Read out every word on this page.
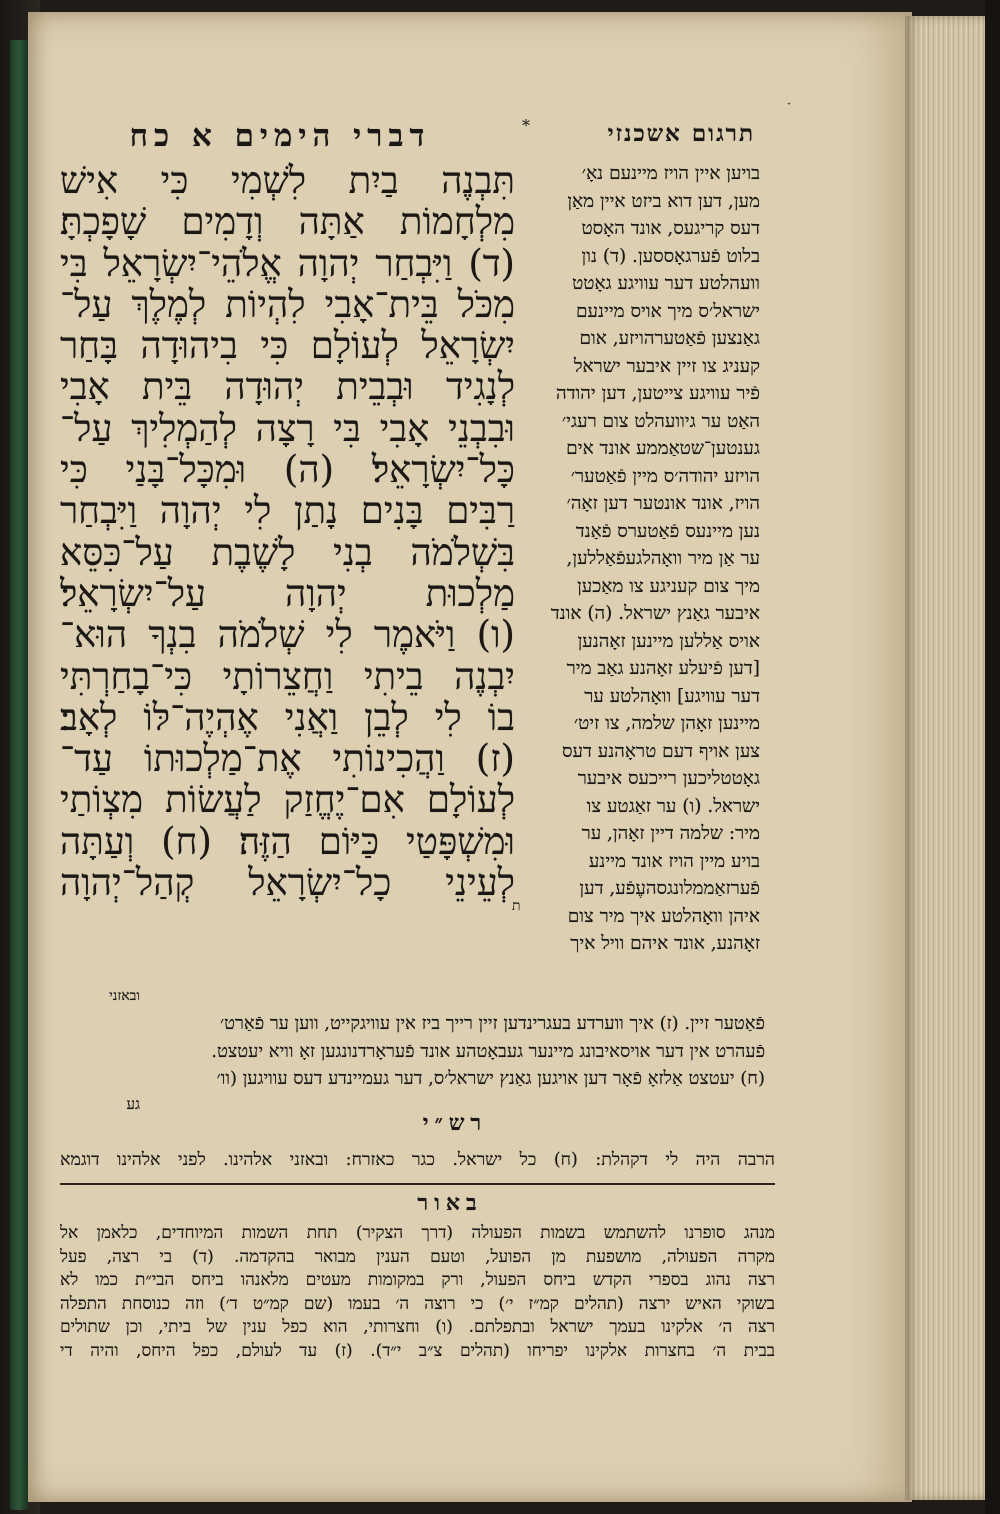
ᐩ
דברי הימים א כח	תרגום אשכנזי
*
תִּבְנֶה בַיִת לִשְׁמִי כִּי אִישׁ
מִלְחָמוֹת אַתָּה וְדָמִים שָׁפָכְתָּ׃
(ד) וַיִּבְחַר יְהוָה אֱלֹהֵי־יִשְׂרָאֵל בִּי
מִכֹּל בֵּית־אָבִי לִהְיוֹת לְמֶלֶךְ עַל־
יִשְׂרָאֵל לְעוֹלָם כִּי בִיהוּדָה בָּחַר
לְנָגִיד וּבְבֵית יְהוּדָה בֵּית אָבִי
וּבִבְנֵי אָבִי בִּי רָצָה לְהַמְלִיךְ עַל־
כָּל־יִשְׂרָאֵל׃ (ה) וּמִכָּל־בָּנַי כִּי
רַבִּים בָּנִים נָתַן לִי יְהוָה וַיִּבְחַר
בִּשְׁלֹמֹה בְנִי לָשֶׁבֶת עַל־כִּסֵּא
מַלְכוּת יְהוָה עַל־יִשְׂרָאֵל׃
(ו) וַיֹּאמֶר לִי שְׁלֹמֹה בִנְךָ הוּא־
יִבְנֶה בֵיתִי וַחֲצֵרוֹתָי כִּי־בָחַרְתִּי
בוֹ לִי לְבֵן וַאֲנִי אֶהְיֶה־לּוֹ לְאָב׃
(ז) וַהֲכִינוֹתִי אֶת־מַלְכוּתוֹ עַד־
לְעוֹלָם אִם־יֶחֱזַק לַעֲשׂוֹת מִצְוֹתַי
וּמִשְׁפָּטַי כַּיּוֹם הַזֶּה׃ (ח) וְעַתָּה
לְעֵינֵי כָל־יִשְׂרָאֵל קְהַל־יְהוָה
ת
בויען איין הויז מיינעם נאָ׳
מען, דען דוא ביזט איין מאַן
דעס קריגעס, אונד האָסט
בלוט פֿערגאָססען. (ד) נון
וועהלטע דער עוויגע גאָטט
ישראל׳ס מיך אויס מיינעם
גאַנצען פֿאַטערהויזע, אום
קעניג צו זיין איבער ישראל
פֿיר עוויגע צייטען, דען יהודה
האַט ער גיוועהלט צום רעגי׳
גענטען־שטאַממע אונד אים
הויזע יהודה׳ס מיין פֿאַטער׳
הויז, אונד אונטער דען זאָה׳
נען מיינעס פֿאַטערס פֿאַנד
ער אַן מיר וואָהלגעפֿאַללען,
מיך צום קעניגע צו מאַכען
איבער גאַנץ ישראל. (ה) אונד
אויס אַללען מיינען זאָהנען
[דען פֿיעלע זאָהנע גאַב מיר
דער עוויגע] וואָהלטע ער
מיינען זאָהן שלמה, צו זיט׳
צען אויף דעם טראָהנע דעס
גאָטטליכען רייכעס איבער
ישראל. (ו) ער זאַגטע צו
מיר: שלמה דיין זאָהן, ער
בויע מיין הויז אונד מיינע
פֿערזאַממלונגסהעֶפֿע, דען
איהן וואָהלטע איך מיר צום
זאָהנע, אונד איהם וויל איך
ובאזני
פֿאַטער זיין. (ז) איך ווערדע בעגרינדען זיין רייך ביז אין עוויגקייט, ווען ער פֿאַרט׳
פֿעהרט אין דער אויסאיבונג מיינער געבאָטהע אונד פֿעראָרדנונגען זאָ וויא יעטצט.
(ח) יעטצט אַלזאָ פֿאָר דען אויגען גאַנץ ישראל׳ס, דער געמיינדע דעס עוויגען (וו׳
גע
רש״י
הרבה היה לי דקהלת: (ח) כל ישראל. כגר כאזרח: ובאזני אלהינו. לפני אלהינו דוגמא
באור
מנהג סופרנו להשתמש בשמות הפעולה (דרך הצקיר) תחת השמות המיוחדים, כלאמן אל
מקרה הפעולה, מושפעת מן הפועל, וטעם הענין מבואר בהקדמה. (ד) בי רצה, פעל
רצה נהוג בספרי הקדש ביחס הפעול, ורק במקומות מעטים מלאנהו ביחס הבי״ת כמו לא
בשוקי האיש ירצה (תהלים קמ״ז י׳) כי רוצה ה׳ בעמו (שם קמ״ט ד׳) וזה כנוסחת התפלה
רצה ה׳ אלקינו בעמך ישראל ובתפלתם. (ו) וחצרותי, הוא כפל ענין של ביתי, וכן שתולים
בבית ה׳ בחצרות אלקינו יפריחו (תהלים צ״ב י״ד). (ז) עד לעולם, כפל היחס, והיה די
